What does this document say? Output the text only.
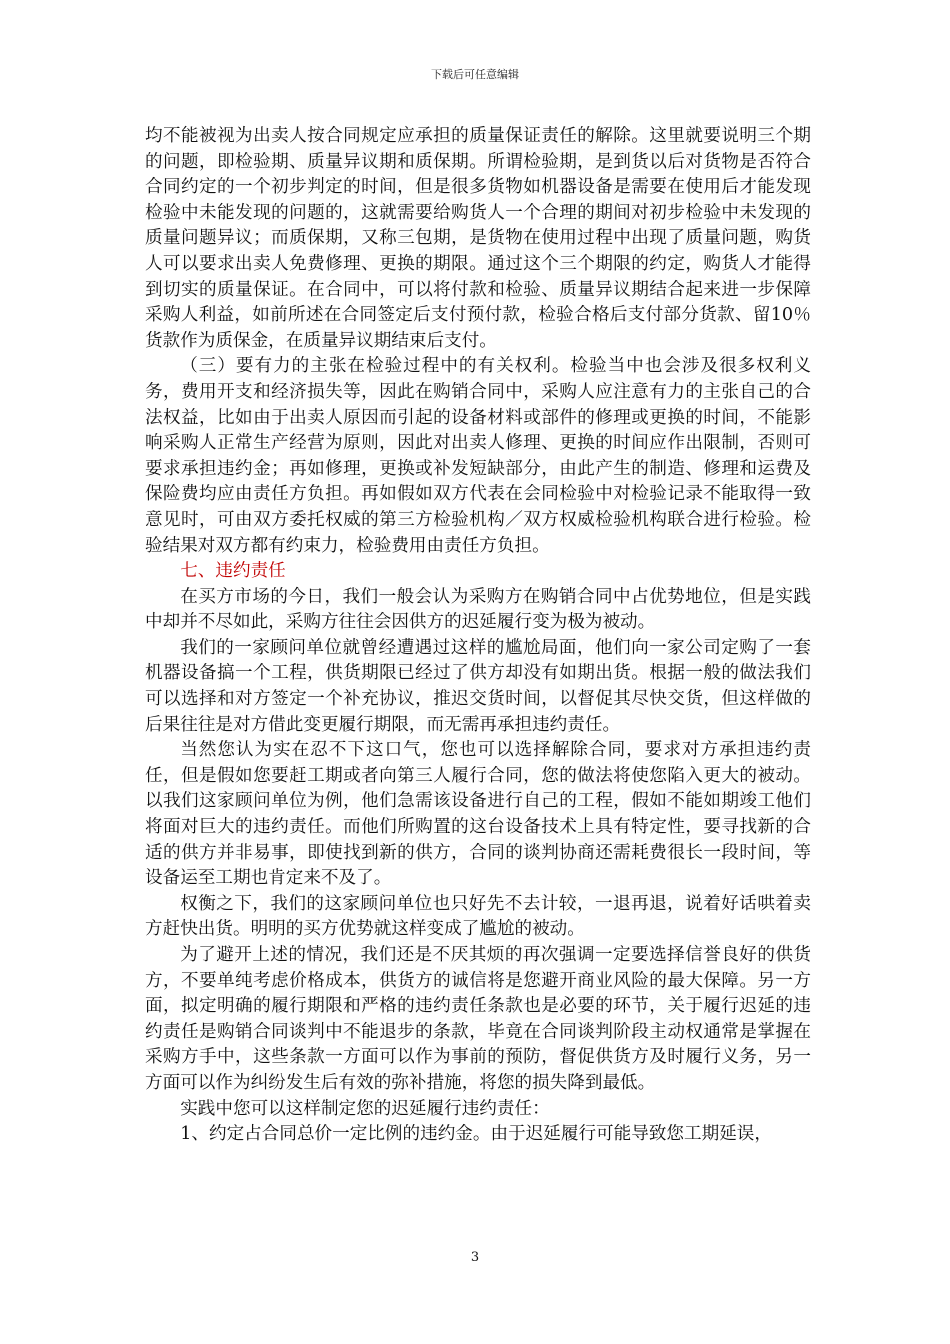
下载后可任意编辑

均不能被视为出卖人按合同规定应承担的质量保证责任的解除。这里就要说明三个期的问题，即检验期、质量异议期和质保期。所谓检验期，是到货以后对货物是否符合合同约定的一个初步判定的时间，但是很多货物如机器设备是需要在使用后才能发现检验中未能发现的问题的，这就需要给购货人一个合理的期间对初步检验中未发现的质量问题异议；而质保期，又称三包期，是货物在使用过程中出现了质量问题，购货人可以要求出卖人免费修理、更换的期限。通过这个三个期限的约定，购货人才能得到切实的质量保证。在合同中，可以将付款和检验、质量异议期结合起来进一步保障采购人利益，如前所述在合同签定后支付预付款，检验合格后支付部分货款、留10％货款作为质保金，在质量异议期结束后支付。

（三）要有力的主张在检验过程中的有关权利。检验当中也会涉及很多权利义务，费用开支和经济损失等，因此在购销合同中，采购人应注意有力的主张自己的合法权益，比如由于出卖人原因而引起的设备材料或部件的修理或更换的时间，不能影响采购人正常生产经营为原则，因此对出卖人修理、更换的时间应作出限制，否则可要求承担违约金；再如修理，更换或补发短缺部分，由此产生的制造、修理和运费及保险费均应由责任方负担。再如假如双方代表在会同检验中对检验记录不能取得一致意见时，可由双方委托权威的第三方检验机构／双方权威检验机构联合进行检验。检验结果对双方都有约束力，检验费用由责任方负担。

七、违约责任

在买方市场的今日，我们一般会认为采购方在购销合同中占优势地位，但是实践中却并不尽如此，采购方往往会因供方的迟延履行变为极为被动。

我们的一家顾问单位就曾经遭遇过这样的尴尬局面，他们向一家公司定购了一套机器设备搞一个工程，供货期限已经过了供方却没有如期出货。根据一般的做法我们可以选择和对方签定一个补充协议，推迟交货时间，以督促其尽快交货，但这样做的后果往往是对方借此变更履行期限，而无需再承担违约责任。

当然您认为实在忍不下这口气，您也可以选择解除合同，要求对方承担违约责任，但是假如您要赶工期或者向第三人履行合同，您的做法将使您陷入更大的被动。以我们这家顾问单位为例，他们急需该设备进行自己的工程，假如不能如期竣工他们将面对巨大的违约责任。而他们所购置的这台设备技术上具有特定性，要寻找新的合适的供方并非易事，即使找到新的供方，合同的谈判协商还需耗费很长一段时间，等设备运至工期也肯定来不及了。

权衡之下，我们的这家顾问单位也只好先不去计较，一退再退，说着好话哄着卖方赶快出货。明明的买方优势就这样变成了尴尬的被动。

为了避开上述的情况，我们还是不厌其烦的再次强调一定要选择信誉良好的供货方，不要单纯考虑价格成本，供货方的诚信将是您避开商业风险的最大保障。另一方面，拟定明确的履行期限和严格的违约责任条款也是必要的环节，关于履行迟延的违约责任是购销合同谈判中不能退步的条款，毕竟在合同谈判阶段主动权通常是掌握在采购方手中，这些条款一方面可以作为事前的预防，督促供货方及时履行义务，另一方面可以作为纠纷发生后有效的弥补措施，将您的损失降到最低。

实践中您可以这样制定您的迟延履行违约责任：

1、约定占合同总价一定比例的违约金。由于迟延履行可能导致您工期延误，

3
